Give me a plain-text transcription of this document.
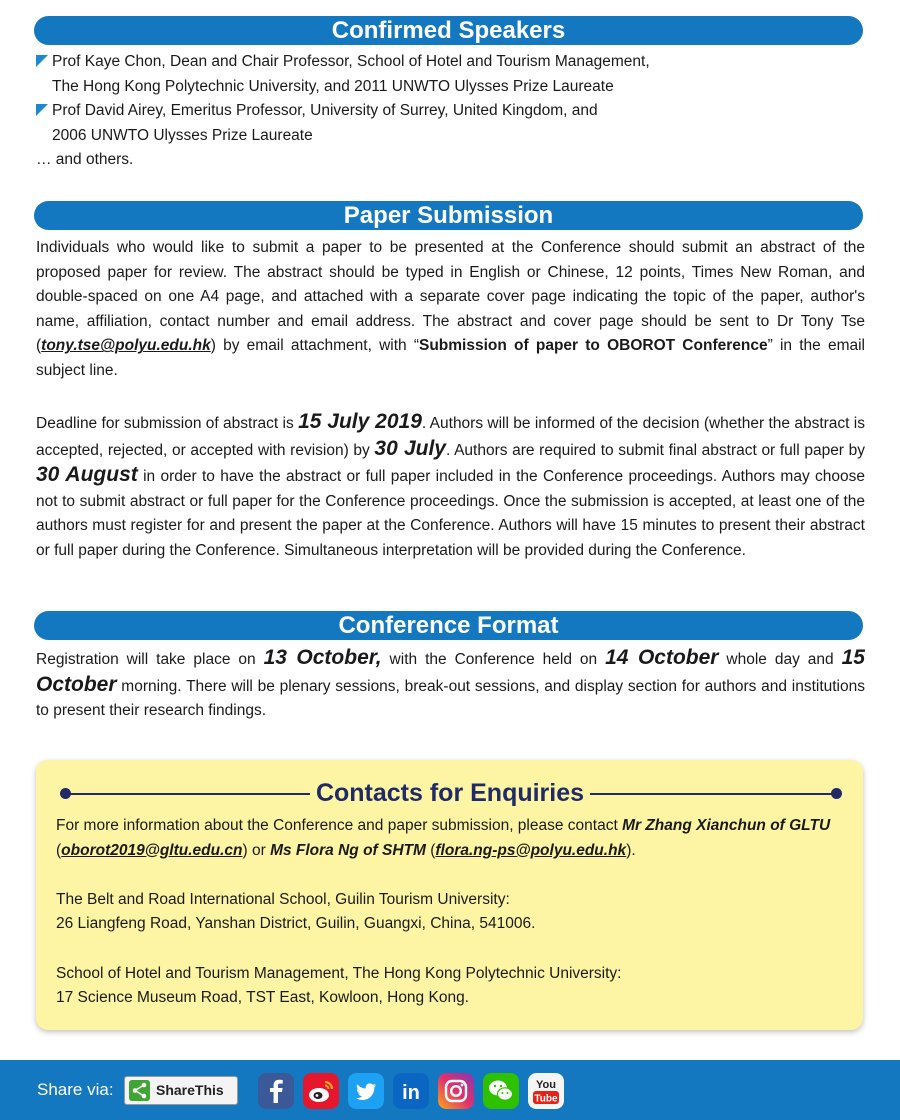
Confirmed Speakers
Prof Kaye Chon, Dean and Chair Professor, School of Hotel and Tourism Management,
The Hong Kong Polytechnic University, and 2011 UNWTO Ulysses Prize Laureate
Prof David Airey, Emeritus Professor, University of Surrey, United Kingdom, and
2006 UNWTO Ulysses Prize Laureate
… and others.
Paper Submission
Individuals who would like to submit a paper to be presented at the Conference should submit an abstract of the proposed paper for review. The abstract should be typed in English or Chinese, 12 points, Times New Roman, and double-spaced on one A4 page, and attached with a separate cover page indicating the topic of the paper, author's name, affiliation, contact number and email address. The abstract and cover page should be sent to Dr Tony Tse (tony.tse@polyu.edu.hk) by email attachment, with “Submission of paper to OBOROT Conference” in the email subject line.
Deadline for submission of abstract is 15 July 2019. Authors will be informed of the decision (whether the abstract is accepted, rejected, or accepted with revision) by 30 July. Authors are required to submit final abstract or full paper by 30 August in order to have the abstract or full paper included in the Conference proceedings. Authors may choose not to submit abstract or full paper for the Conference proceedings. Once the submission is accepted, at least one of the authors must register for and present the paper at the Conference. Authors will have 15 minutes to present their abstract or full paper during the Conference. Simultaneous interpretation will be provided during the Conference.
Conference Format
Registration will take place on 13 October, with the Conference held on 14 October whole day and 15 October morning. There will be plenary sessions, break-out sessions, and display section for authors and institutions to present their research findings.
Contacts for Enquiries
For more information about the Conference and paper submission, please contact Mr Zhang Xianchun of GLTU (oborot2019@gltu.edu.cn) or Ms Flora Ng of SHTM (flora.ng-ps@polyu.edu.hk).
The Belt and Road International School, Guilin Tourism University:
26 Liangfeng Road, Yanshan District, Guilin, Guangxi, China, 541006.
School of Hotel and Tourism Management, The Hong Kong Polytechnic University:
17 Science Museum Road, TST East, Kowloon, Hong Kong.
Share via:	ShareThis	in	You
Tube
